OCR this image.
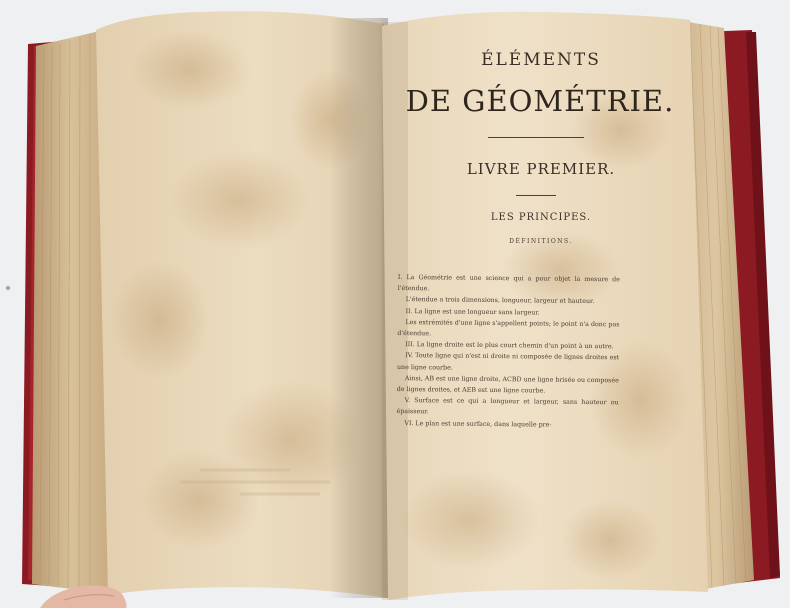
ÉLÉMENTS
DE GÉOMÉTRIE.
LIVRE PREMIER.
LES PRINCIPES.
DÉFINITIONS.

I. La Géométrie est une science qui a pour objet la mesure de l'étendue.

L'étendue a trois dimensions, longueur, largeur et hauteur.

II. La ligne est une longueur sans largeur.

Les extrémités d'une ligne s'appellent points; le point n'a donc pas d'étendue.

III. La ligne droite est le plus court chemin d'un point à un autre.

IV. Toute ligne qui n'est ni droite ni composée de lignes droites est une ligne courbe.

Ainsi, AB est une ligne droite, ACBD une ligne brisée ou composée de lignes droites, et AEB est une ligne courbe.

V. Surface est ce qui a longueur et largeur, sans hauteur ou épaisseur.

VI. Le plan est une surface, dans laquelle pre-
